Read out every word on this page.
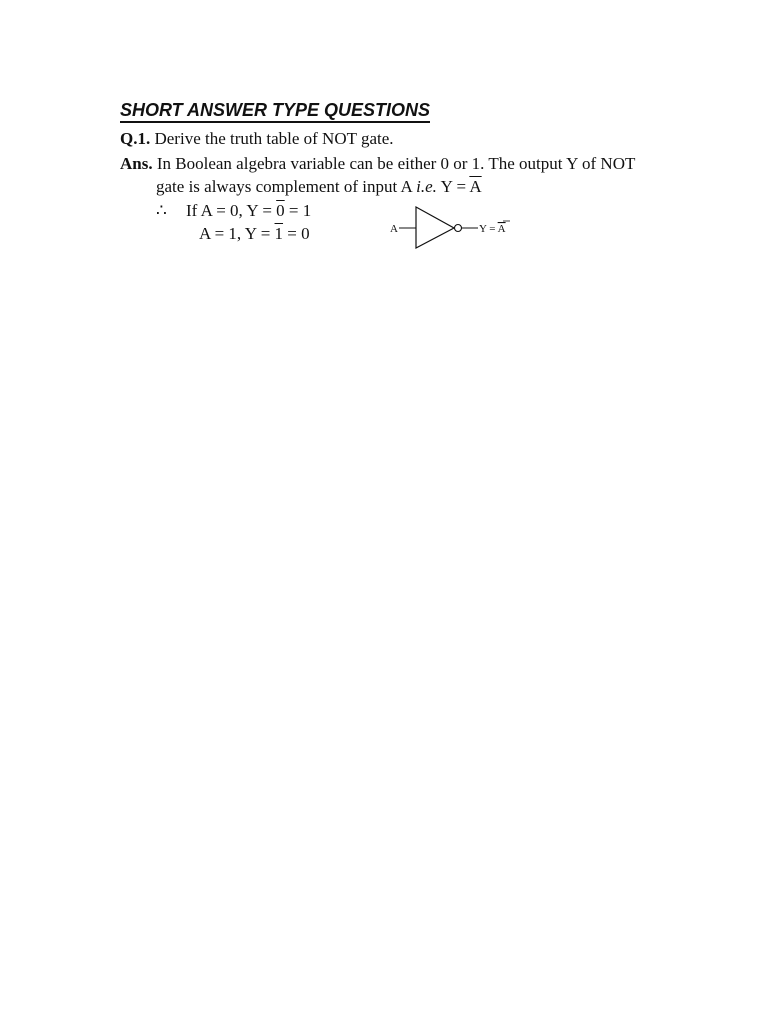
SHORT ANSWER TYPE QUESTIONS

Q.1. Derive the truth table of NOT gate.

Ans. In Boolean algebra variable can be either 0 or 1. The output Y of NOT

gate is always complement of input A i.e. $Y = \overline{A}$

∴ If A = 0, Y = 0 = 1

A = 1, Y = 1 = 0	A	Y = A
